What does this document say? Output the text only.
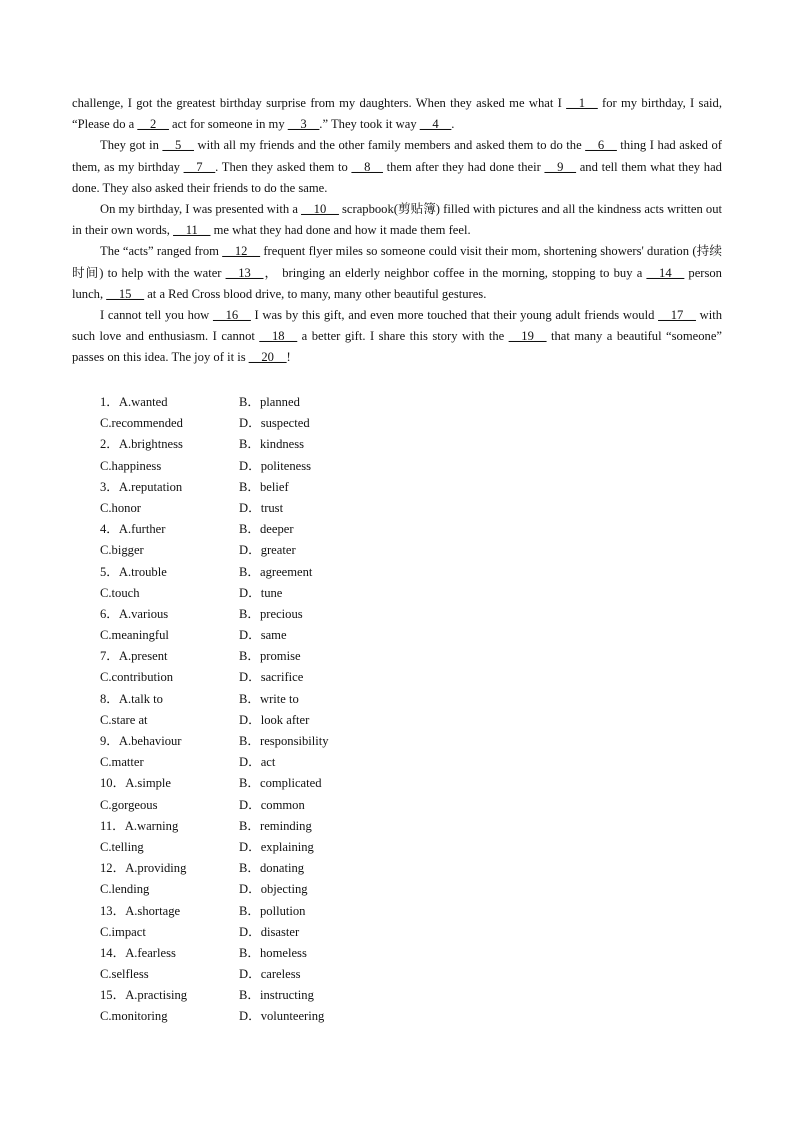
challenge, I got the greatest birthday surprise from my daughters. When they asked me what I __1__ for my birthday, I said, “Please do a __2__ act for someone in my __3__.” They took it way __4__.

They got in __5__ with all my friends and the other family members and asked them to do the __6__ thing I had asked of them, as my birthday __7__. Then they asked them to __8__ them after they had done their __9__ and tell them what they had done. They also asked their friends to do the same.

On my birthday, I was presented with a __10__ scrapbook(剪贴簿) filled with pictures and all the kindness acts written out in their own words, __11__ me what they had done and how it made them feel.

The “acts” ranged from __12__ frequent flyer miles so someone could visit their mom, shortening showers' duration (持续时间) to help with the water __13__， bringing an elderly neighbor coffee in the morning, stopping to buy a __14__ person lunch, __15__ at a Red Cross blood drive, to many, many other beautiful gestures.

I cannot tell you how __16__ I was by this gift, and even more touched that their young adult friends would __17__ with such love and enthusiasm. I cannot __18__ a better gift. I share this story with the __19__ that many a beautiful “someone” passes on this idea. The joy of it is __20__!

1．A.wanted	B．planned
C.recommended	D．suspected
2．A.brightness	B．kindness
C.happiness	D．politeness
3．A.reputation	B．belief
C.honor	D．trust
4．A.further	B．deeper
C.bigger	D．greater
5．A.trouble	B．agreement
C.touch	D．tune
6．A.various	B．precious
C.meaningful	D．same
7．A.present	B．promise
C.contribution	D．sacrifice
8．A.talk to	B．write to
C.stare at	D．look after
9．A.behaviour	B．responsibility
C.matter	D．act
10．A.simple	B．complicated
C.gorgeous	D．common
11．A.warning	B．reminding
C.telling	D．explaining
12．A.providing	B．donating
C.lending	D．objecting
13．A.shortage	B．pollution
C.impact	D．disaster
14．A.fearless	B．homeless
C.selfless	D．careless
15．A.practising	B．instructing
C.monitoring	D．volunteering
